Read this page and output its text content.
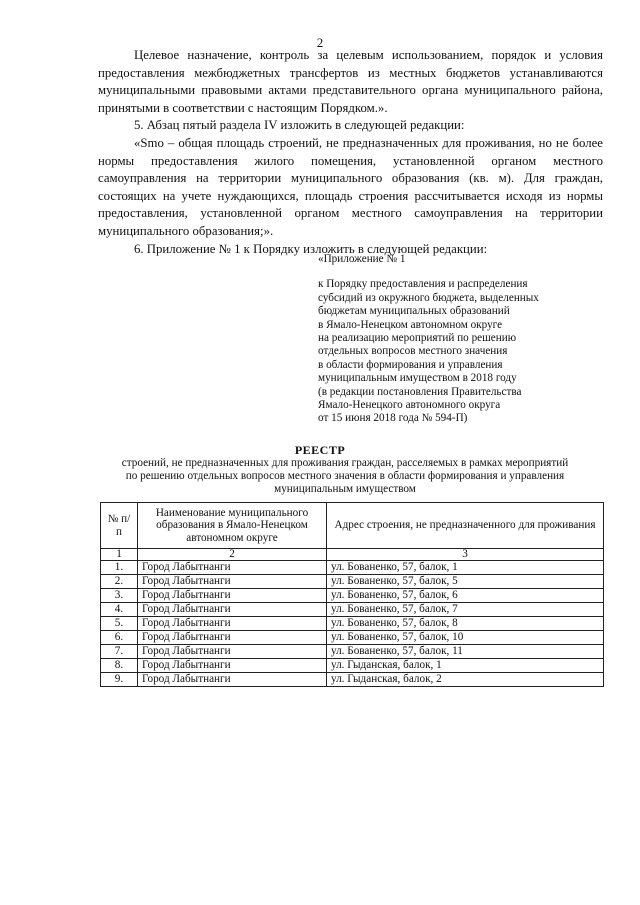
2

Целевое назначение, контроль за целевым использованием, порядок и условия предоставления межбюджетных трансфертов из местных бюджетов устанавливаются муниципальными правовыми актами представительного органа муниципального района, принятыми в соответствии с настоящим Порядком.».

5. Абзац пятый раздела IV изложить в следующей редакции:

«Smo – общая площадь строений, не предназначенных для проживания, но не более нормы предоставления жилого помещения, установленной органом местного самоуправления на территории муниципального образования (кв. м). Для граждан, состоящих на учете нуждающихся, площадь строения рассчитывается исходя из нормы предоставления, установленной органом местного самоуправления на территории муниципального образования;».

6. Приложение № 1 к Порядку изложить в следующей редакции:

«Приложение № 1
к Порядку предоставления и распределения
субсидий из окружного бюджета, выделенных
бюджетам муниципальных образований
в Ямало-Ненецком автономном округе
на реализацию мероприятий по решению
отдельных вопросов местного значения
в области формирования и управления
муниципальным имуществом в 2018 году
(в редакции постановления Правительства
Ямало-Ненецкого автономного округа
от 15 июня 2018 года № 594-П)
РЕЕСТР
строений, не предназначенных для проживания граждан, расселяемых в рамках мероприятий по решению отдельных вопросов местного значения в области формирования и управления муниципальным имуществом
№ п/п	Наименование муниципального образования в Ямало-Ненецком автономном округе	Адрес строения, не предназначенного для проживания
1	2	3
1.	Город Лабытнанги	ул. Бованенко, 57, балок, 1
2.	Город Лабытнанги	ул. Бованенко, 57, балок, 5
3.	Город Лабытнанги	ул. Бованенко, 57, балок, 6
4.	Город Лабытнанги	ул. Бованенко, 57, балок, 7
5.	Город Лабытнанги	ул. Бованенко, 57, балок, 8
6.	Город Лабытнанги	ул. Бованенко, 57, балок, 10
7.	Город Лабытнанги	ул. Бованенко, 57, балок, 11
8.	Город Лабытнанги	ул. Гыданская, балок, 1
9.	Город Лабытнанги	ул. Гыданская, балок, 2
